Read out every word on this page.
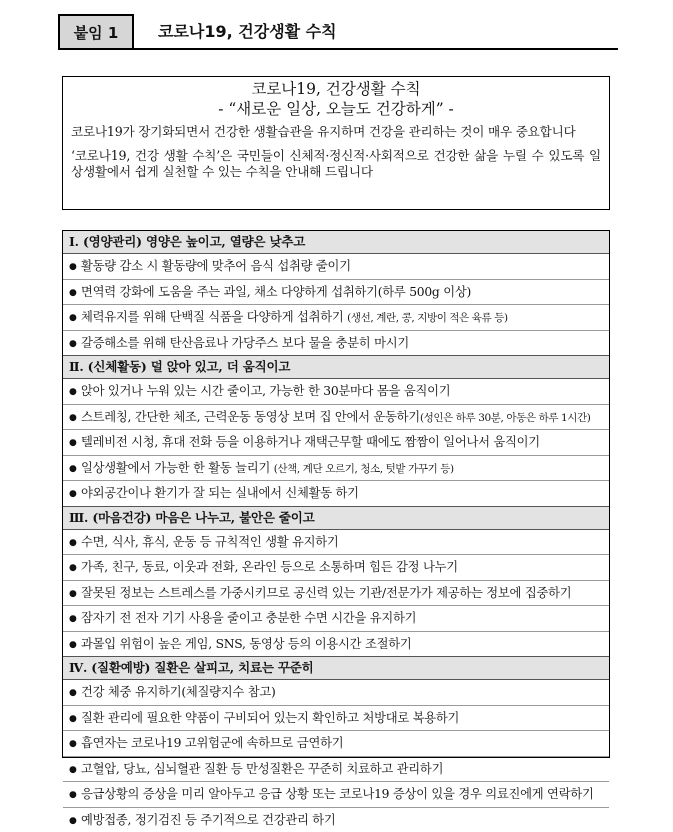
붙임 1	코로나19, 건강생활 수칙
코로나19, 건강생활 수칙
- “새로운 일상, 오늘도 건강하게” -
코로나19가 장기화되면서 건강한 생활습관을 유지하며 건강을 관리하는 것이 매우 중요합니다
‘코로나19, 건강 생활 수칙’은 국민들이 신체적·정신적·사회적으로 건강한 삶을 누릴 수 있도록 일상생활에서 쉽게 실천할 수 있는 수칙을 안내해 드립니다
Ⅰ. (영양관리) 영양은 높이고, 열량은 낮추고
● 활동량 감소 시 활동량에 맞추어 음식 섭취량 줄이기
● 면역력 강화에 도움을 주는 과일, 채소 다양하게 섭취하기(하루 500g 이상)
● 체력유지를 위해 단백질 식품을 다양하게 섭취하기 (생선, 계란, 콩, 지방이 적은 육류 등)
● 갈증해소를 위해 탄산음료나 가당주스 보다 물을 충분히 마시기
Ⅱ. (신체활동) 덜 앉아 있고, 더 움직이고
● 앉아 있거나 누워 있는 시간 줄이고, 가능한 한 30분마다 몸을 움직이기
● 스트레칭, 간단한 체조, 근력운동 동영상 보며 집 안에서 운동하기(성인은 하루 30분, 아동은 하루 1시간)
● 텔레비전 시청, 휴대 전화 등을 이용하거나 재택근무할 때에도 짬짬이 일어나서 움직이기
● 일상생활에서 가능한 한 활동 늘리기 (산책, 계단 오르기, 청소, 텃밭 가꾸기 등)
● 야외공간이나 환기가 잘 되는 실내에서 신체활동 하기
Ⅲ. (마음건강) 마음은 나누고, 불안은 줄이고
● 수면, 식사, 휴식, 운동 등 규칙적인 생활 유지하기
● 가족, 친구, 동료, 이웃과 전화, 온라인 등으로 소통하며 힘든 감정 나누기
● 잘못된 정보는 스트레스를 가중시키므로 공신력 있는 기관/전문가가 제공하는 정보에 집중하기
● 잠자기 전 전자 기기 사용을 줄이고 충분한 수면 시간을 유지하기
● 과몰입 위험이 높은 게임, SNS, 동영상 등의 이용시간 조절하기
Ⅳ. (질환예방) 질환은 살피고, 치료는 꾸준히
● 건강 체중 유지하기(체질량지수 참고)
● 질환 관리에 필요한 약품이 구비되어 있는지 확인하고 처방대로 복용하기
● 흡연자는 코로나19 고위험군에 속하므로 금연하기
● 고혈압, 당뇨, 심뇌혈관 질환 등 만성질환은 꾸준히 치료하고 관리하기
● 응급상황의 증상을 미리 알아두고 응급 상황 또는 코로나19 증상이 있을 경우 의료진에게 연락하기
● 예방접종, 정기검진 등 주기적으로 건강관리 하기
